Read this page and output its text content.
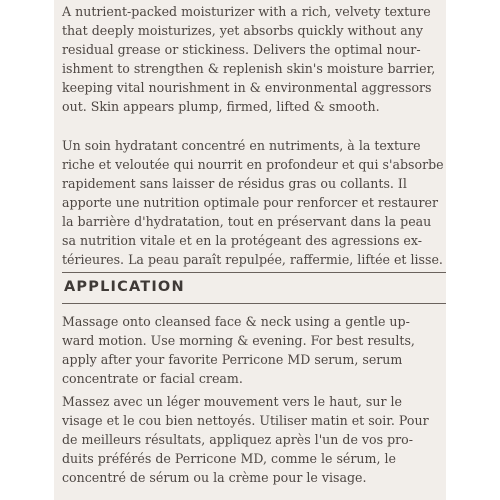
A nutrient-packed moisturizer with a rich, velvety texture
that deeply moisturizes, yet absorbs quickly without any
residual grease or stickiness. Delivers the optimal nour-
ishment to strengthen & replenish skin's moisture barrier,
keeping vital nourishment in & environmental aggressors
out. Skin appears plump, firmed, lifted & smooth.

Un soin hydratant concentré en nutriments, à la texture
riche et veloutée qui nourrit en profondeur et qui s'absorbe
rapidement sans laisser de résidus gras ou collants. Il
apporte une nutrition optimale pour renforcer et restaurer
la barrière d'hydratation, tout en préservant dans la peau
sa nutrition vitale et en la protégeant des agressions ex-
térieures. La peau paraît repulpée, raffermie, liftée et lisse.

APPLICATION

Massage onto cleansed face & neck using a gentle up-
ward motion. Use morning & evening. For best results,
apply after your favorite Perricone MD serum, serum
concentrate or facial cream.

Massez avec un léger mouvement vers le haut, sur le
visage et le cou bien nettoyés. Utiliser matin et soir. Pour
de meilleurs résultats, appliquez après l'un de vos pro-
duits préférés de Perricone MD, comme le sérum, le
concentré de sérum ou la crème pour le visage.
